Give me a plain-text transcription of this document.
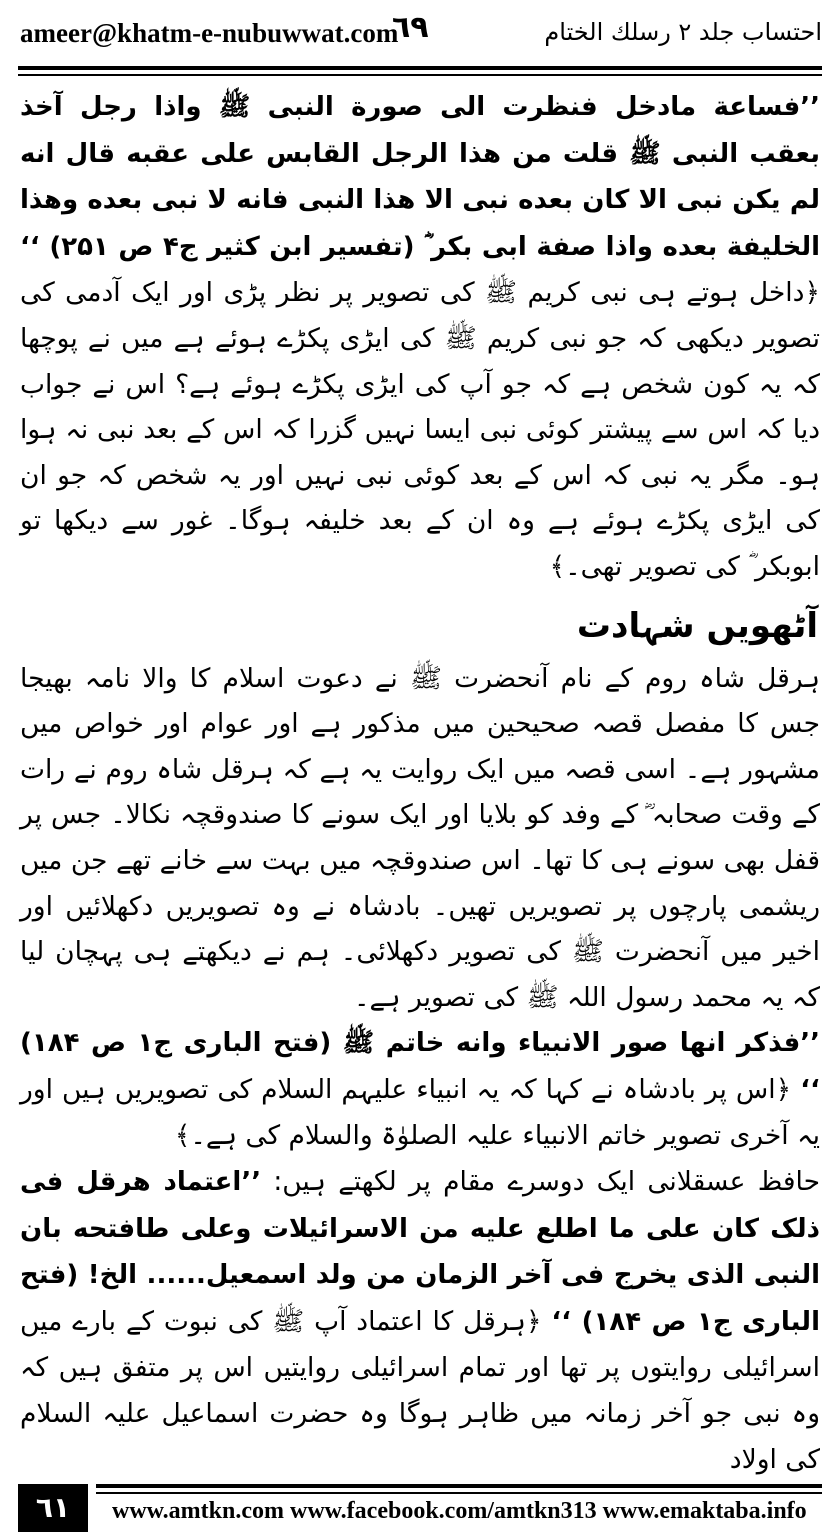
ameer@khatm-e-nubuwwat.com
٦٩	احتساب جلد ۲ رسلك الختام

’’فساعة مادخل فنظرت الى صورة النبی ﷺ واذا رجل آخذ بعقب النبی ﷺ قلت من هذا الرجل القابس علی عقبه قال انه لم یکن نبی الا کان بعده نبی الا هذا النبی فانه لا نبی بعده وهذا الخلیفة بعده واذا صفة ابی بکر ؓ (تفسیر ابن کثیر ج۴ ص ۲۵۱) ‘‘ ﴿داخل ہوتے ہی نبی کریم ﷺ کی تصویر پر نظر پڑی اور ایک آدمی کی تصویر دیکھی کہ جو نبی کریم ﷺ کی ایڑی پکڑے ہوئے ہے میں نے پوچھا کہ یہ کون شخص ہے کہ جو آپ کی ایڑی پکڑے ہوئے ہے؟ اس نے جواب دیا کہ اس سے پیشتر کوئی نبی ایسا نہیں گزرا کہ اس کے بعد نبی نہ ہوا ہو۔ مگر یہ نبی کہ اس کے بعد کوئی نبی نہیں اور یہ شخص کہ جو ان کی ایڑی پکڑے ہوئے ہے وہ ان کے بعد خلیفہ ہوگا۔ غور سے دیکھا تو ابوبکر ؓ کی تصویر تھی۔﴾

آٹھویں شہادت

ہرقل شاہ روم کے نام آنحضرت ﷺ نے دعوت اسلام کا والا نامہ بھیجا جس کا مفصل قصہ صحیحین میں مذکور ہے اور عوام اور خواص میں مشہور ہے۔ اسی قصہ میں ایک روایت یہ ہے کہ ہرقل شاہ روم نے رات کے وقت صحابہ ؓ کے وفد کو بلایا اور ایک سونے کا صندوقچہ نکالا۔ جس پر قفل بھی سونے ہی کا تھا۔ اس صندوقچہ میں بہت سے خانے تھے جن میں ریشمی پارچوں پر تصویریں تھیں۔ بادشاہ نے وہ تصویریں دکھلائیں اور اخیر میں آنحضرت ﷺ کی تصویر دکھلائی۔ ہم نے دیکھتے ہی پہچان لیا کہ یہ محمد رسول اللہ ﷺ کی تصویر ہے۔

’’فذکر انها صور الانبیاء وانه خاتم ﷺ (فتح الباری ج۱ ص ۱۸۴) ‘‘ ﴿اس پر بادشاہ نے کہا کہ یہ انبیاء علیہم السلام کی تصویریں ہیں اور یہ آخری تصویر خاتم الانبیاء علیہ الصلوٰۃ والسلام کی ہے۔﴾

حافظ عسقلانی ایک دوسرے مقام پر لکھتے ہیں: ’’اعتماد هرقل فی ذلک کان علی ما اطلع علیه من الاسرائیلات وعلی طافتحه بان النبی الذی یخرج فی آخر الزمان من ولد اسمعیل...... الخ! (فتح الباری ج۱ ص ۱۸۴) ‘‘ ﴿ہرقل کا اعتماد آپ ﷺ کی نبوت کے بارے میں اسرائیلی روایتوں پر تھا اور تمام اسرائیلی روایتیں اس پر متفق ہیں کہ وہ نبی جو آخر زمانہ میں ظاہر ہوگا وہ حضرت اسماعیل علیہ السلام کی اولاد

٦١	www.amtkn.com www.facebook.com/amtkn313 www.emaktaba.info
